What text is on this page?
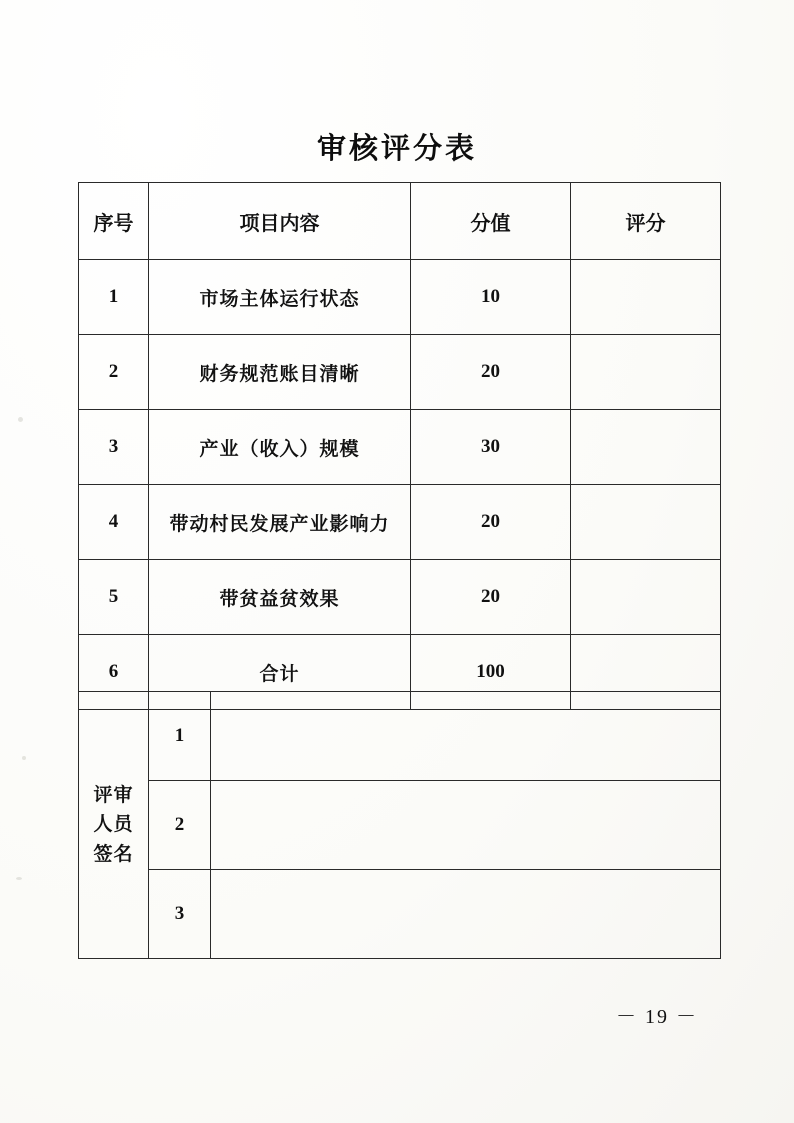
审核评分表
序号	项目内容	分值	评分
1	市场主体运行状态	10	
2	财务规范账目清晰	20	
3	产业（收入）规模	30	
4	带动村民发展产业影响力	20	
5	带贫益贫效果	20	
6	合计	100	
评审
人员
签名	1	
	2	
	3	
－ 19 －
